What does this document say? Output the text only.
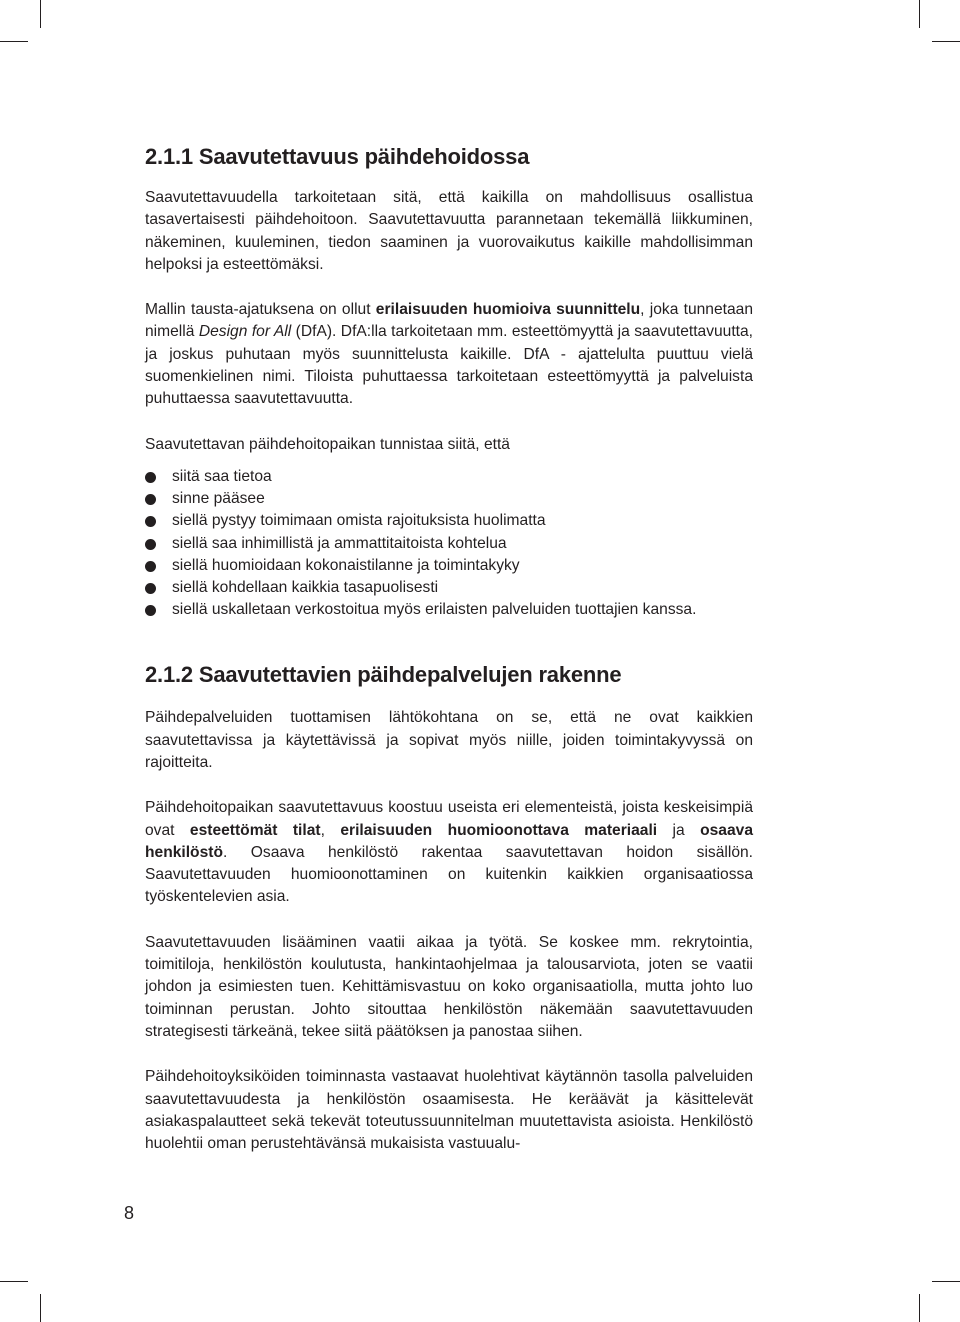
2.1.1 Saavutettavuus päihdehoidossa

Saavutettavuudella tarkoitetaan sitä, että kaikilla on mahdollisuus osallistua tasavertaisesti päihdehoitoon. Saavutettavuutta parannetaan tekemällä liikkuminen, näkeminen, kuuleminen, tiedon saaminen ja vuorovaikutus kaikille mahdollisimman helpoksi ja esteettömäksi.

Mallin tausta-ajatuksena on ollut erilaisuuden huomioiva suunnittelu, joka tunnetaan nimellä Design for All (DfA). DfA:lla tarkoitetaan mm. esteettömyyttä ja saavutettavuutta, ja joskus puhutaan myös suunnittelusta kaikille. DfA - ajattelulta puuttuu vielä suomenkielinen nimi. Tiloista puhuttaessa tarkoitetaan esteettömyyttä ja palveluista puhuttaessa saavutettavuutta.

Saavutettavan päihdehoitopaikan tunnistaa siitä, että

siitä saa tietoa
sinne pääsee
siellä pystyy toimimaan omista rajoituksista huolimatta
siellä saa inhimillistä ja ammattitaitoista kohtelua
siellä huomioidaan kokonaistilanne ja toimintakyky
siellä kohdellaan kaikkia tasapuolisesti
siellä uskalletaan verkostoitua myös erilaisten palveluiden tuottajien kanssa.
2.1.2 Saavutettavien päihdepalvelujen rakenne

Päihdepalveluiden tuottamisen lähtökohtana on se, että ne ovat kaikkien saavutettavissa ja käytettävissä ja sopivat myös niille, joiden toimintakyvyssä on rajoitteita.

Päihdehoitopaikan saavutettavuus koostuu useista eri elementeistä, joista keskeisimpiä ovat esteettömät tilat, erilaisuuden huomioonottava materiaali ja osaava henkilöstö. Osaava henkilöstö rakentaa saavutettavan hoidon sisällön. Saavutettavuuden huomioonottaminen on kuitenkin kaikkien organisaatiossa työskentelevien asia.

Saavutettavuuden lisääminen vaatii aikaa ja työtä. Se koskee mm. rekrytointia, toimitiloja, henkilöstön koulutusta, hankintaohjelmaa ja talousarviota, joten se vaatii johdon ja esimiesten tuen. Kehittämisvastuu on koko organisaatiolla, mutta johto luo toiminnan perustan. Johto sitouttaa henkilöstön näkemään saavutettavuuden strategisesti tärkeänä, tekee siitä päätöksen ja panostaa siihen.

Päihdehoitoyksiköiden toiminnasta vastaavat huolehtivat käytännön tasolla palveluiden saavutettavuudesta ja henkilöstön osaamisesta. He keräävät ja käsittelevät asiakaspalautteet sekä tekevät toteutussuunnitelman muutettavista asioista. Henkilöstö huolehtii oman perustehtävänsä mukaisista vastuualu-

8
